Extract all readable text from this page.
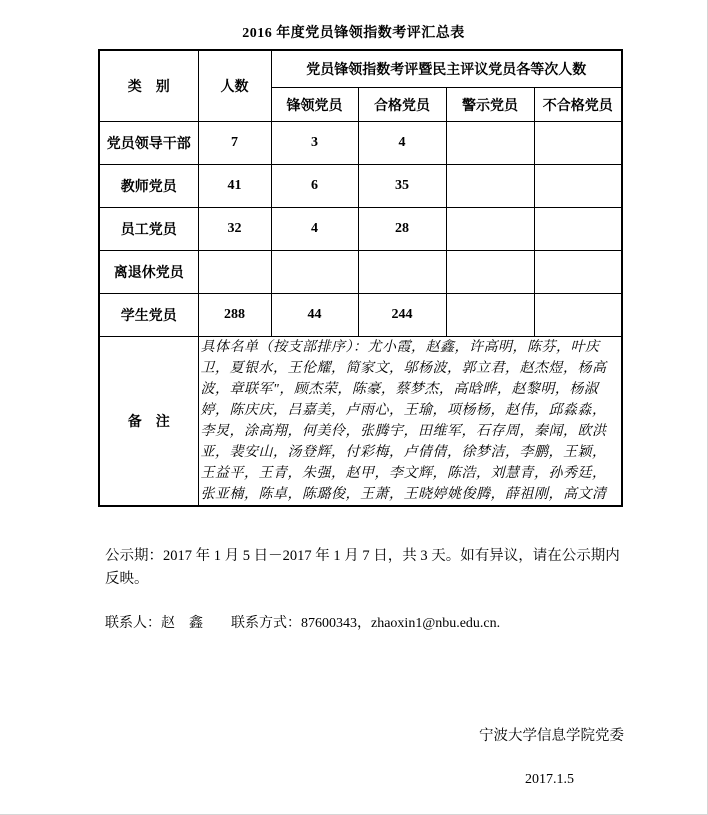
2016 年度党员锋领指数考评汇总表
类　别	人数	党员锋领指数考评暨民主评议党员各等次人数			
		锋领党员	合格党员	警示党员	不合格党员
党员领导干部	7	3	4		
教师党员	41	6	35		
员工党员	32	4	28		
离退休党员					
学生党员	288	44	244		
备　注	具体名单（按支部排序）：尤小霞，赵鑫，许高明，陈芬，叶庆卫，夏银水，王伦耀，简家文，邬杨波，郭立君，赵杰煜，杨高波，章联军"，顾杰荣，陈豪，蔡梦杰，高晗晔，赵黎明，杨淑婷，陈庆庆，吕嘉美，卢雨心，王瑜，项杨杨，赵伟，邱淼淼，李炅，涂高翔，何美伶，张腾宇，田维军，石存周，秦闻，欧洪亚，裴安山，汤登辉，付彩梅，卢倩倩，徐梦洁，李鹏，王颖，王益平，王青，朱强，赵甲，李文辉，陈浩，刘慧青，孙秀廷，张亚楠，陈卓，陈璐俊，王萧，王晓婷姚俊腾，薛祖刚，高文清				

公示期：2017 年 1 月 5 日－2017 年 1 月 7 日，共 3 天。如有异议，请在公示期内反映。

联系人：赵　鑫　　联系方式：87600343，zhaoxin1@nbu.edu.cn.

宁波大学信息学院党委

2017.1.5
